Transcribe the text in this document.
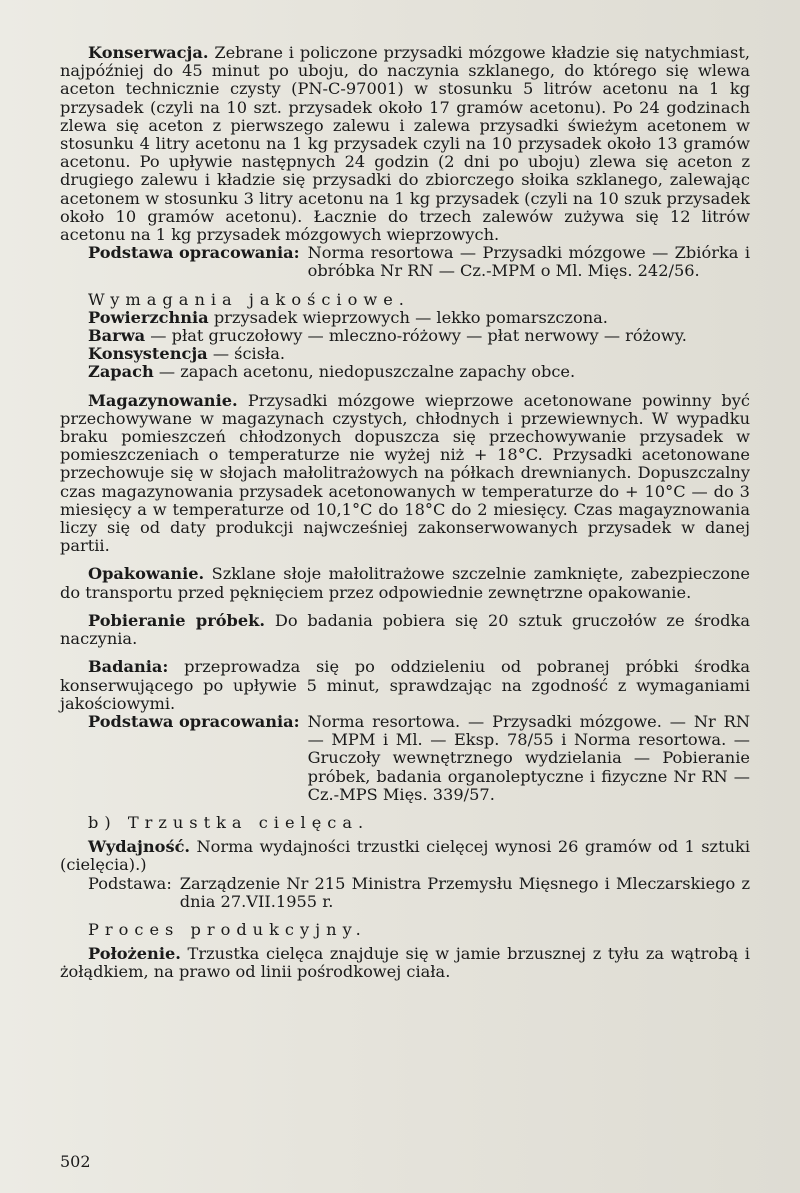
Konserwacja. Zebrane i policzone przysadki mózgowe kładzie się natychmiast, najpóźniej do 45 minut po uboju, do naczynia szklanego, do którego się wlewa aceton technicznie czysty (PN-C-97001) w stosunku 5 litrów acetonu na 1 kg przysadek (czyli na 10 szt. przysadek około 17 gramów acetonu). Po 24 godzinach zlewa się aceton z pierwszego zalewu i zalewa przysadki świeżym acetonem w stosunku 4 litry acetonu na 1 kg przysadek czyli na 10 przysadek około 13 gramów acetonu. Po upływie następnych 24 godzin (2 dni po uboju) zlewa się aceton z drugiego zalewu i kładzie się przysadki do zbiorczego słoika szklanego, zalewając acetonem w stosunku 3 litry acetonu na 1 kg przysadek (czyli na 10 szuk przysadek około 10 gramów acetonu). Łacznie do trzech zalewów zużywa się 12 litrów acetonu na 1 kg przysadek mózgowych wieprzowych.

Podstawa opracowania: Norma resortowa — Przysadki mózgowe — Zbiórka i obróbka Nr RN — Cz.-MPM o Ml. Mięs. 242/56.

Wymagania jakościowe.

Powierzchnia przysadek wieprzowych — lekko pomarszczona.

Barwa — płat gruczołowy — mleczno-różowy — płat nerwowy — różowy.

Konsystencja — ścisła.

Zapach — zapach acetonu, niedopuszczalne zapachy obce.

Magazynowanie. Przysadki mózgowe wieprzowe acetonowane powinny być przechowywane w magazynach czystych, chłodnych i przewiewnych. W wypadku braku pomieszczeń chłodzonych dopuszcza się przechowywanie przysadek w pomieszczeniach o temperaturze nie wyżej niż + 18°C. Przysadki acetonowane przechowuje się w słojach małolitrażowych na półkach drewnianych. Dopuszczalny czas magazynowania przysadek acetonowanych w temperaturze do + 10°C — do 3 miesięcy a w temperaturze od 10,1°C do 18°C do 2 miesięcy. Czas magayznowania liczy się od daty produkcji najwcześniej zakonserwowanych przysadek w danej partii.

Opakowanie. Szklane słoje małolitrażowe szczelnie zamknięte, zabezpieczone do transportu przed pęknięciem przez odpowiednie zewnętrzne opakowanie.

Pobieranie próbek. Do badania pobiera się 20 sztuk gruczołów ze środka naczynia.

Badania: przeprowadza się po oddzieleniu od pobranej próbki środka konserwującego po upływie 5 minut, sprawdzając na zgodność z wymaganiami jakościowymi.

Podstawa opracowania: Norma resortowa. — Przysadki mózgowe. — Nr RN — MPM i Ml. — Eksp. 78/55 i Norma resortowa. — Gruczoły wewnętrznego wydzielania — Pobieranie próbek, badania organoleptyczne i fizyczne Nr RN — Cz.-MPS Mięs. 339/57.

b) Trzustka cielęca.

Wydajność. Norma wydajności trzustki cielęcej wynosi 26 gramów od 1 sztuki (cielęcia).)

Podstawa: Zarządzenie Nr 215 Ministra Przemysłu Mięsnego i Mleczarskiego z dnia 27.VII.1955 r.

Proces produkcyjny.

Położenie. Trzustka cielęca znajduje się w jamie brzusznej z tyłu za wątrobą i żołądkiem, na prawo od linii pośrodkowej ciała.

502
